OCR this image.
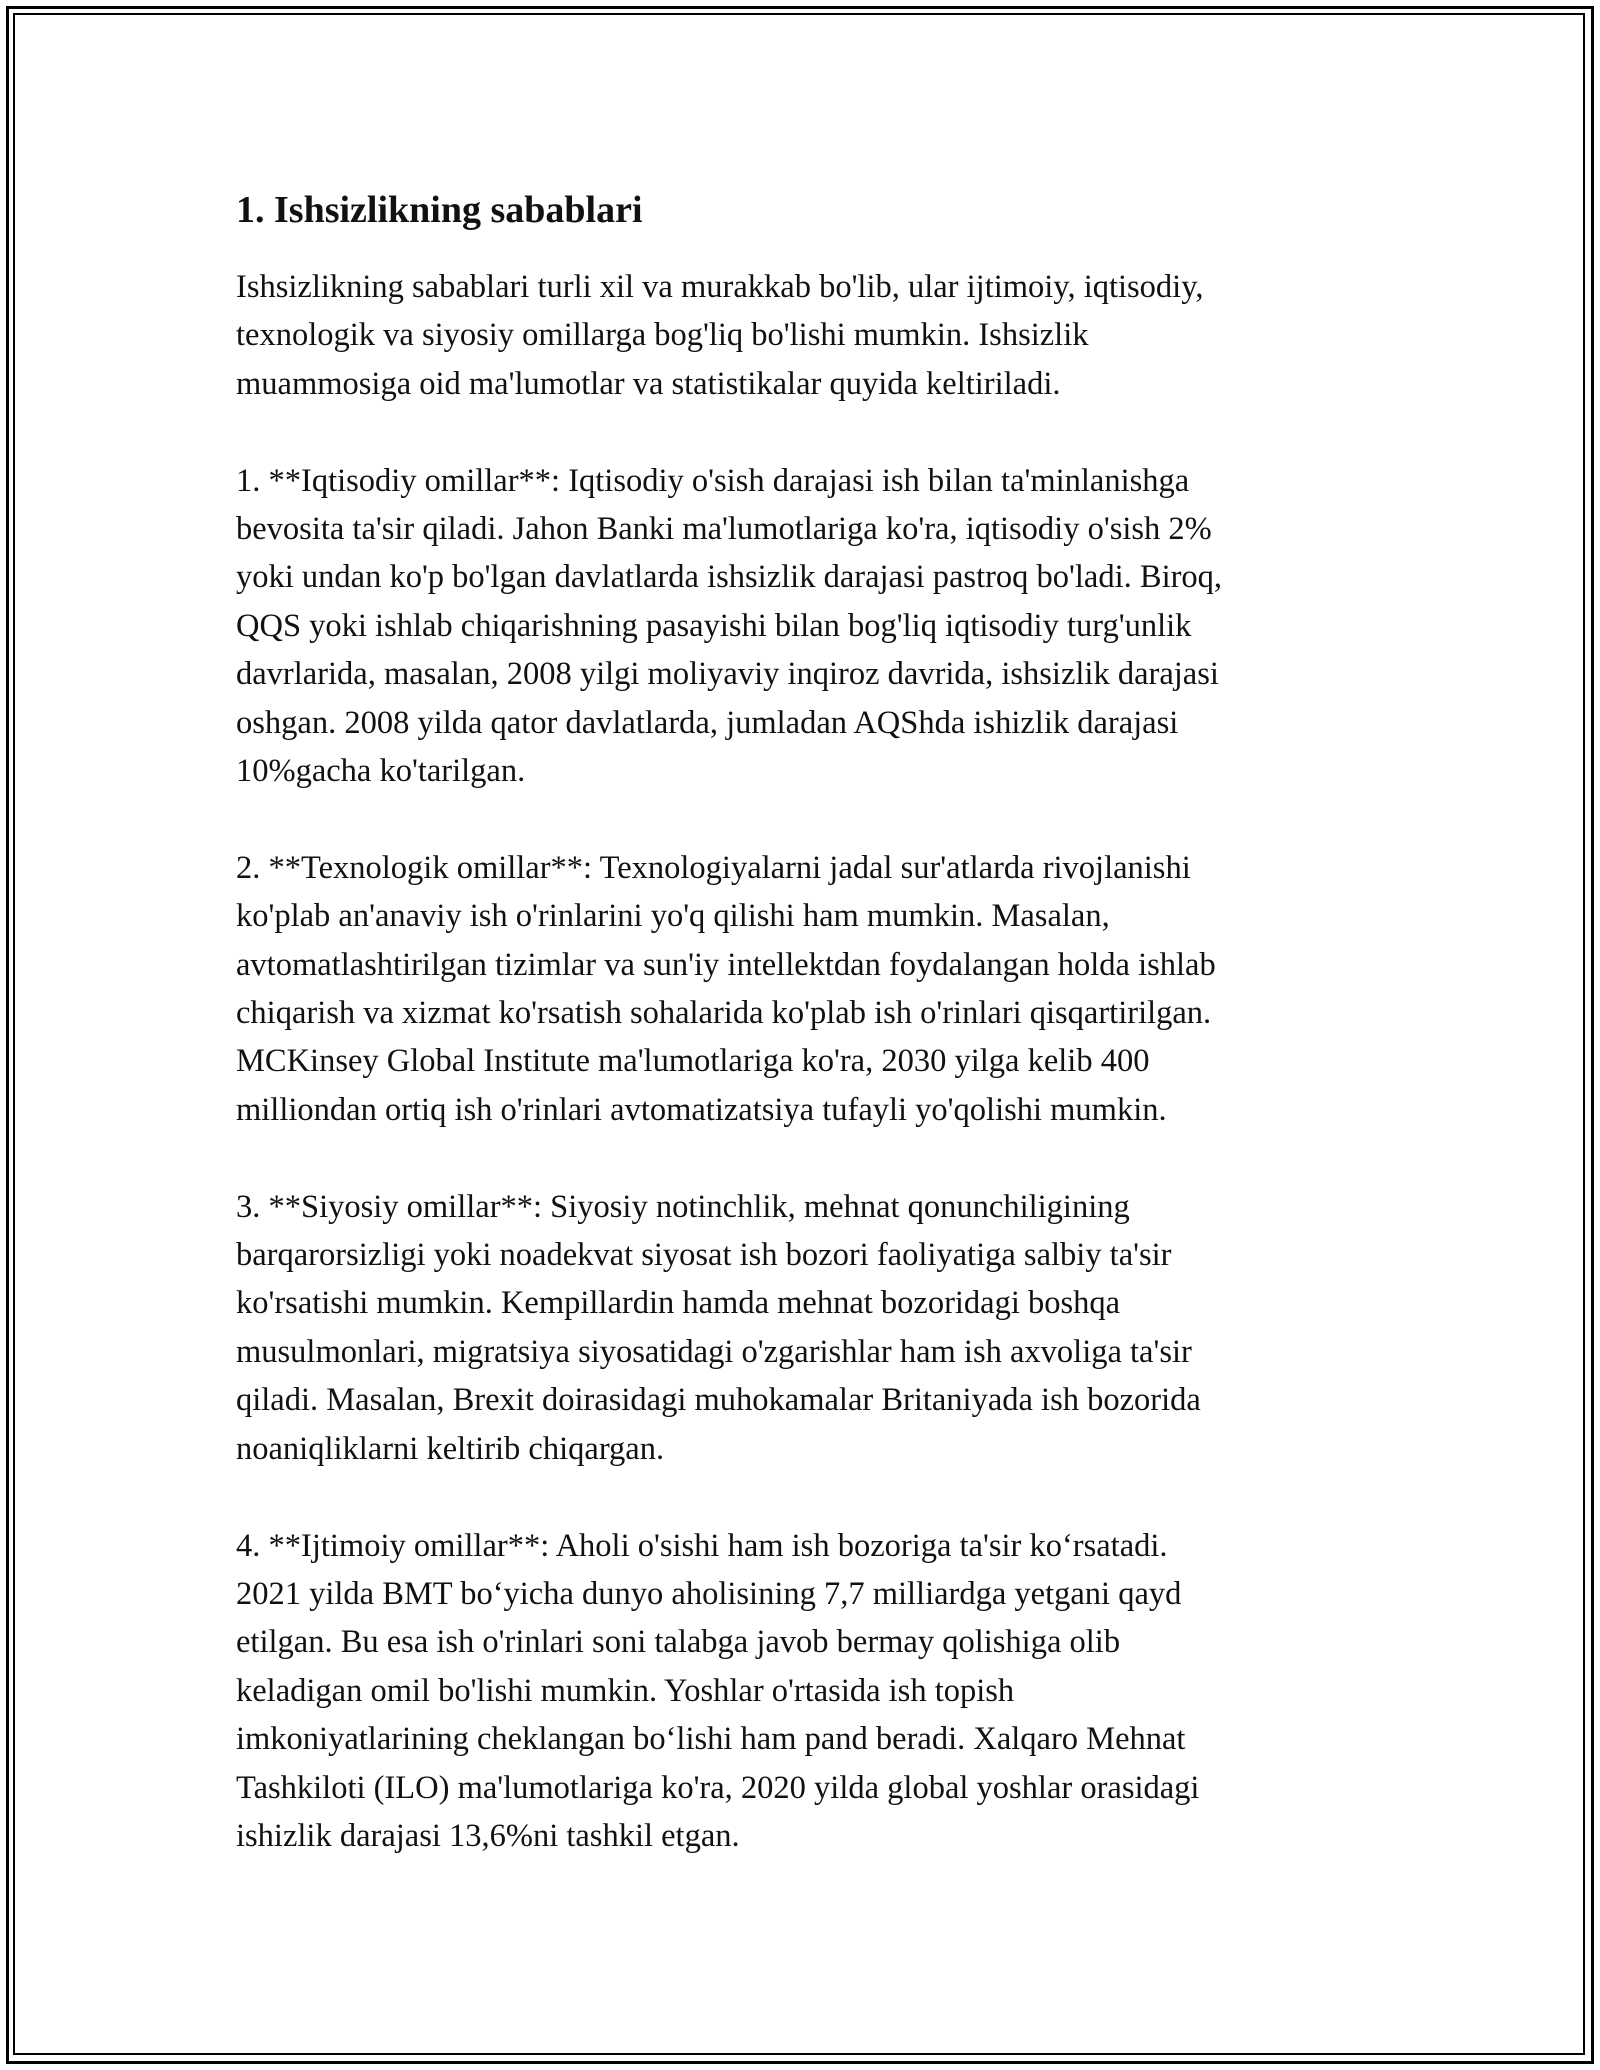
1. Ishsizlikning sabablari

Ishsizlikning sabablari turli xil va murakkab bo'lib, ular ijtimoiy, iqtisodiy,
texnologik va siyosiy omillarga bog'liq bo'lishi mumkin. Ishsizlik
muammosiga oid ma'lumotlar va statistikalar quyida keltiriladi.

1. **Iqtisodiy omillar**: Iqtisodiy o'sish darajasi ish bilan ta'minlanishga
bevosita ta'sir qiladi. Jahon Banki ma'lumotlariga ko'ra, iqtisodiy o'sish 2%
yoki undan ko'p bo'lgan davlatlarda ishsizlik darajasi pastroq bo'ladi. Biroq,
QQS yoki ishlab chiqarishning pasayishi bilan bog'liq iqtisodiy turg'unlik
davrlarida, masalan, 2008 yilgi moliyaviy inqiroz davrida, ishsizlik darajasi
oshgan. 2008 yilda qator davlatlarda, jumladan AQShda ishizlik darajasi
10%gacha ko'tarilgan.

2. **Texnologik omillar**: Texnologiyalarni jadal sur'atlarda rivojlanishi
ko'plab an'anaviy ish o'rinlarini yo'q qilishi ham mumkin. Masalan,
avtomatlashtirilgan tizimlar va sun'iy intellektdan foydalangan holda ishlab
chiqarish va xizmat ko'rsatish sohalarida ko'plab ish o'rinlari qisqartirilgan.
MCKinsey Global Institute ma'lumotlariga ko'ra, 2030 yilga kelib 400
milliondan ortiq ish o'rinlari avtomatizatsiya tufayli yo'qolishi mumkin.

3. **Siyosiy omillar**: Siyosiy notinchlik, mehnat qonunchiligining
barqarorsizligi yoki noadekvat siyosat ish bozori faoliyatiga salbiy ta'sir
ko'rsatishi mumkin. Kempillardin hamda mehnat bozoridagi boshqa
musulmonlari, migratsiya siyosatidagi o'zgarishlar ham ish axvoliga ta'sir
qiladi. Masalan, Brexit doirasidagi muhokamalar Britaniyada ish bozorida
noaniqliklarni keltirib chiqargan.

4. **Ijtimoiy omillar**: Aholi o'sishi ham ish bozoriga ta'sir ko‘rsatadi.
2021 yilda BMT bo‘yicha dunyo aholisining 7,7 milliardga yetgani qayd
etilgan. Bu esa ish o'rinlari soni talabga javob bermay qolishiga olib
keladigan omil bo'lishi mumkin. Yoshlar o'rtasida ish topish
imkoniyatlarining cheklangan bo‘lishi ham pand beradi. Xalqaro Mehnat
Tashkiloti (ILO) ma'lumotlariga ko'ra, 2020 yilda global yoshlar orasidagi
ishizlik darajasi 13,6%ni tashkil etgan.
